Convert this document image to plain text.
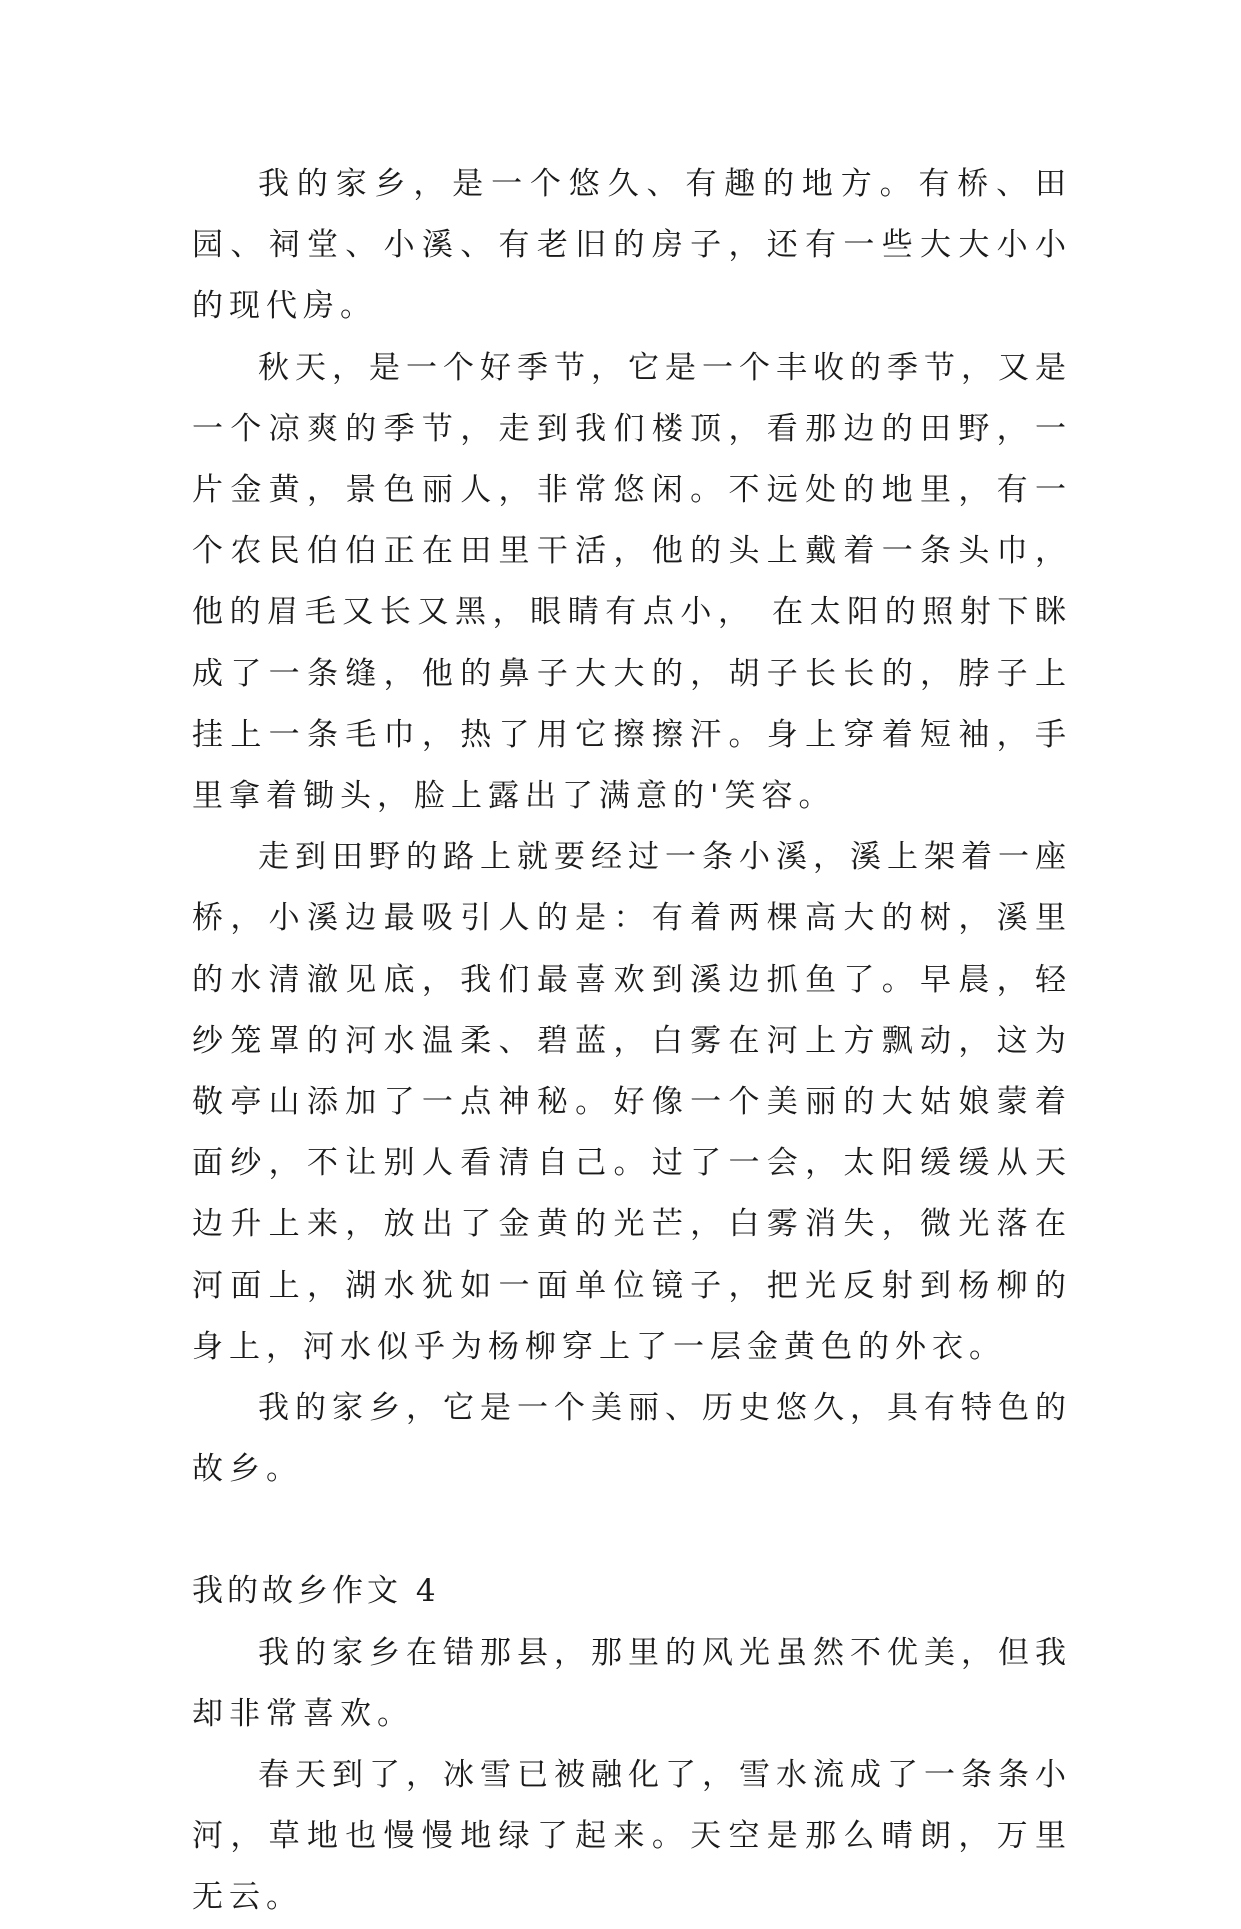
我的家乡，是一个悠久、有趣的地方。有桥、田园、祠堂、小溪、有老旧的房子，还有一些大大小小的现代房。

秋天，是一个好季节，它是一个丰收的季节，又是一个凉爽的季节，走到我们楼顶，看那边的田野，一片金黄，景色丽人，非常悠闲。不远处的地里，有一个农民伯伯正在田里干活，他的头上戴着一条头巾，他的眉毛又长又黑，眼睛有点小， 在太阳的照射下眯成了一条缝，他的鼻子大大的，胡子长长的，脖子上挂上一条毛巾，热了用它擦擦汗。身上穿着短袖，手里拿着锄头，脸上露出了满意的'笑容。

走到田野的路上就要经过一条小溪，溪上架着一座桥，小溪边最吸引人的是：有着两棵高大的树，溪里的水清澈见底，我们最喜欢到溪边抓鱼了。早晨，轻纱笼罩的河水温柔、碧蓝，白雾在河上方飘动，这为敬亭山添加了一点神秘。好像一个美丽的大姑娘蒙着面纱，不让别人看清自己。过了一会，太阳缓缓从天边升上来，放出了金黄的光芒，白雾消失，微光落在河面上，湖水犹如一面单位镜子，把光反射到杨柳的身上，河水似乎为杨柳穿上了一层金黄色的外衣。

我的家乡，它是一个美丽、历史悠久，具有特色的故乡。

我的故乡作文 4

我的家乡在错那县，那里的风光虽然不优美，但我却非常喜欢。

春天到了，冰雪已被融化了，雪水流成了一条条小河，草地也慢慢地绿了起来。天空是那么晴朗，万里无云。
